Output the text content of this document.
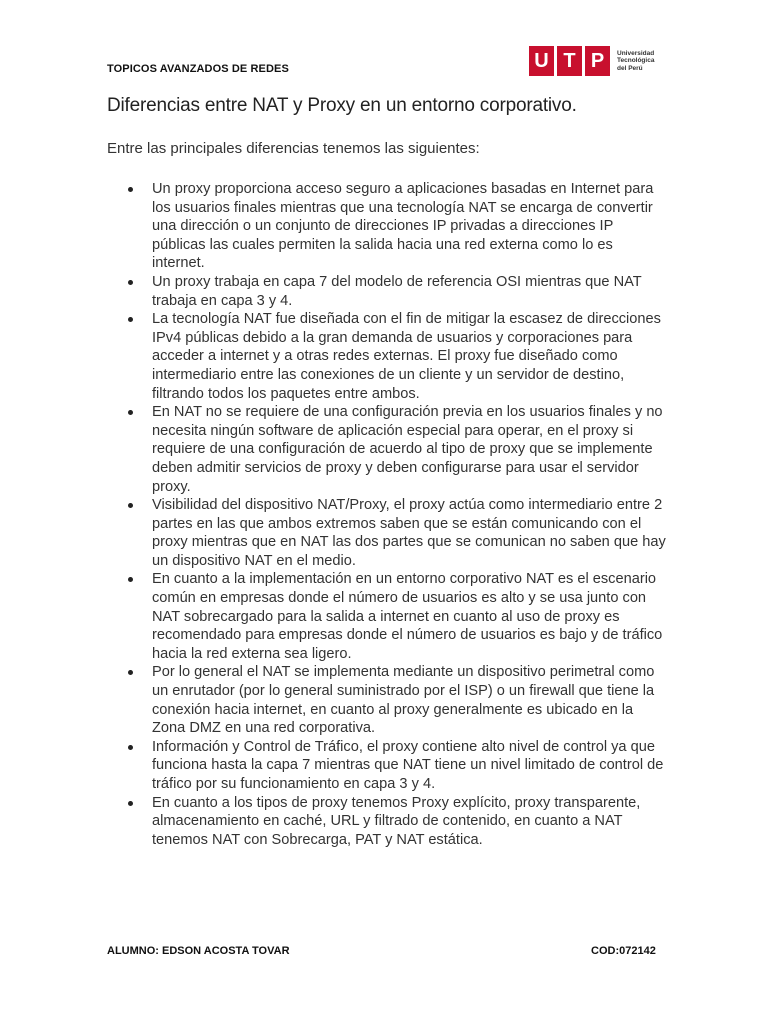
TOPICOS AVANZADOS DE REDES	U T P	Universidad
Tecnológica
del Perú
Diferencias entre NAT y Proxy en un entorno corporativo.

Entre las principales diferencias tenemos las siguientes:

Un proxy proporciona acceso seguro a aplicaciones basadas en Internet para los usuarios finales mientras que una tecnología NAT se encarga de convertir una dirección o un conjunto de direcciones IP privadas a direcciones IP públicas las cuales permiten la salida hacia una red externa como lo es internet.
Un proxy trabaja en capa 7 del modelo de referencia OSI mientras que NAT trabaja en capa 3 y 4.
La tecnología NAT fue diseñada con el fin de mitigar la escasez de direcciones IPv4 públicas debido a la gran demanda de usuarios y corporaciones para acceder a internet y a otras redes externas. El proxy fue diseñado como intermediario entre las conexiones de un cliente y un servidor de destino, filtrando todos los paquetes entre ambos.
En NAT no se requiere de una configuración previa en los usuarios finales y no necesita ningún software de aplicación especial para operar, en el proxy si requiere de una configuración de acuerdo al tipo de proxy que se implemente deben admitir servicios de proxy y deben configurarse para usar el servidor proxy.
Visibilidad del dispositivo NAT/Proxy, el proxy actúa como intermediario entre 2 partes en las que ambos extremos saben que se están comunicando con el proxy mientras que en NAT las dos partes que se comunican no saben que hay un dispositivo NAT en el medio.
En cuanto a la implementación en un entorno corporativo NAT es el escenario común en empresas donde el número de usuarios es alto y se usa junto con NAT sobrecargado para la salida a internet en cuanto al uso de proxy es recomendado para empresas donde el número de usuarios es bajo y de tráfico hacia la red externa sea ligero.
Por lo general el NAT se implementa mediante un dispositivo perimetral como un enrutador (por lo general suministrado por el ISP) o un firewall que tiene la conexión hacia internet, en cuanto al proxy generalmente es ubicado en la Zona DMZ en una red corporativa.
Información y Control de Tráfico, el proxy contiene alto nivel de control ya que funciona hasta la capa 7 mientras que NAT tiene un nivel limitado de control de tráfico por su funcionamiento en capa 3 y 4.
En cuanto a los tipos de proxy tenemos Proxy explícito, proxy transparente, almacenamiento en caché, URL y filtrado de contenido, en cuanto a NAT tenemos NAT con Sobrecarga, PAT y NAT estática.
ALUMNO: EDSON ACOSTA TOVAR	COD:072142
